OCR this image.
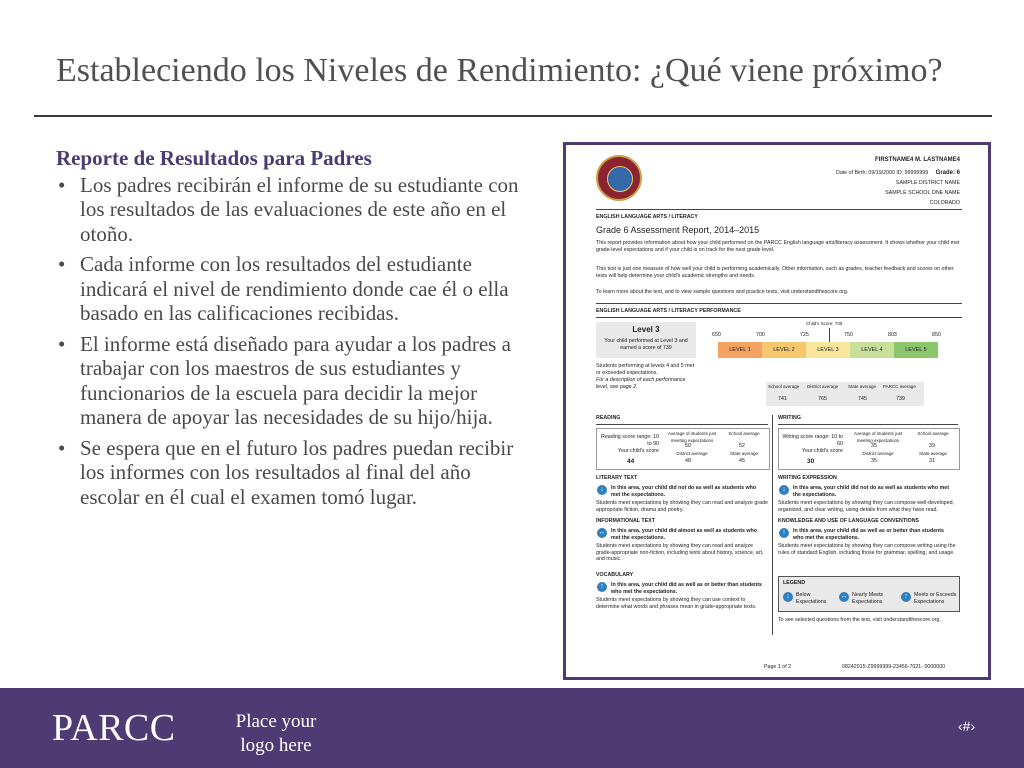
Estableciendo los Niveles de Rendimiento: ¿Qué viene próximo?
Reporte de Resultados para Padres
• Los padres recibirán el informe de su estudiante con los resultados de las evaluaciones de este año en el otoño.
• Cada informe con los resultados del estudiante indicará el nivel de rendimiento donde cae él o ella basado en las calificaciones recibidas.
• El informe está diseñado para ayudar a los padres a trabajar con los maestros de sus estudiantes y funcionarios de la escuela para decidir la mejor manera de apoyar las necesidades de su hijo/hija.
• Se espera que en el futuro los padres puedan recibir los informes con los resultados al final del año escolar en él cual el examen tomó lugar.
FIRSTNAME4 M. LASTNAME4
Date of Birth: 09/19/2000 ID: 99999999 Grade: 6
SAMPLE DISTRICT NAME
SAMPLE SCHOOL ONE NAME
COLORADO
ENGLISH LANGUAGE ARTS / LITERACY
Grade 6 Assessment Report, 2014–2015
This report provides information about how your child performed on the PARCC English language arts/literacy assessment. It shows whether your child met grade-level expectations and if your child is on track for the next grade level.
This test is just one measure of how well your child is performing academically. Other information, such as grades, teacher feedback and scores on other tests will help determine your child's academic strengths and needs.
To learn more about the test, and to view sample questions and practice tests, visit understandthescore.org.
ENGLISH LANGUAGE ARTS / LITERACY PERFORMANCE
Level 3
Your child performed at Level 3 and earned a score of 739
Child's Score: 739
650	700	725	750	803	850
LEVEL 1	LEVEL 2	LEVEL 3	LEVEL 4	LEVEL 5
Students performing at levels 4 and 5 met or exceeded expectations.
For a description of each performance level, see page 2.	School average District average State average PARCC average
741	765	745	739
READING
Reading score range: 10 to 90
Your child's score
44
Average of students just meeting expectations
School average
50	52
District average	State average
48	45
LITERARY TEXT
↓	In this area, your child did not do as well as students who met the expectations.
Students meet expectations by showing they can read and analyze grade appropriate fiction, drama and poetry.
INFORMATIONAL TEXT
↔ In this area, your child did almost as well as students who met the expectations.
Students meet expectations by showing they can read and analyze grade-appropriate non-fiction, including texts about history, science, art, and music.
VOCABULARY
↑	In this area, your child did as well as or better than students who met the expectations.
Students meet expectations by showing they can use context to determine what words and phrases mean in grade-appropriate texts.
WRITING
Writing score range: 10 to 60
Your child's score
30
Average of students just meeting expectations
School average
35	39
District average	State average
35	31
WRITING EXPRESSION
↓	In this area, your child did not do as well as students who met the expectations.
Students meet expectations by showing they can compose well-developed, organized, and clear writing, using details from what they have read.
KNOWLEDGE AND USE OF LANGUAGE CONVENTIONS
↑	In this area, your child did as well as or better than students who met the expectations.
Students meet expectations by showing they can compose writing using the rules of standard English, including those for grammar, spelling, and usage.
LEGEND
↓	Below Expectations
↔ Nearly Meets Expectations
↑	Meets or Exceeds Expectations
To see selected questions from the test, visit understandthescore.org.
Page 1 of 2	08242015-Z9999999-23456-7021- 0000000
PARCC	Place your logo here
‹#›
